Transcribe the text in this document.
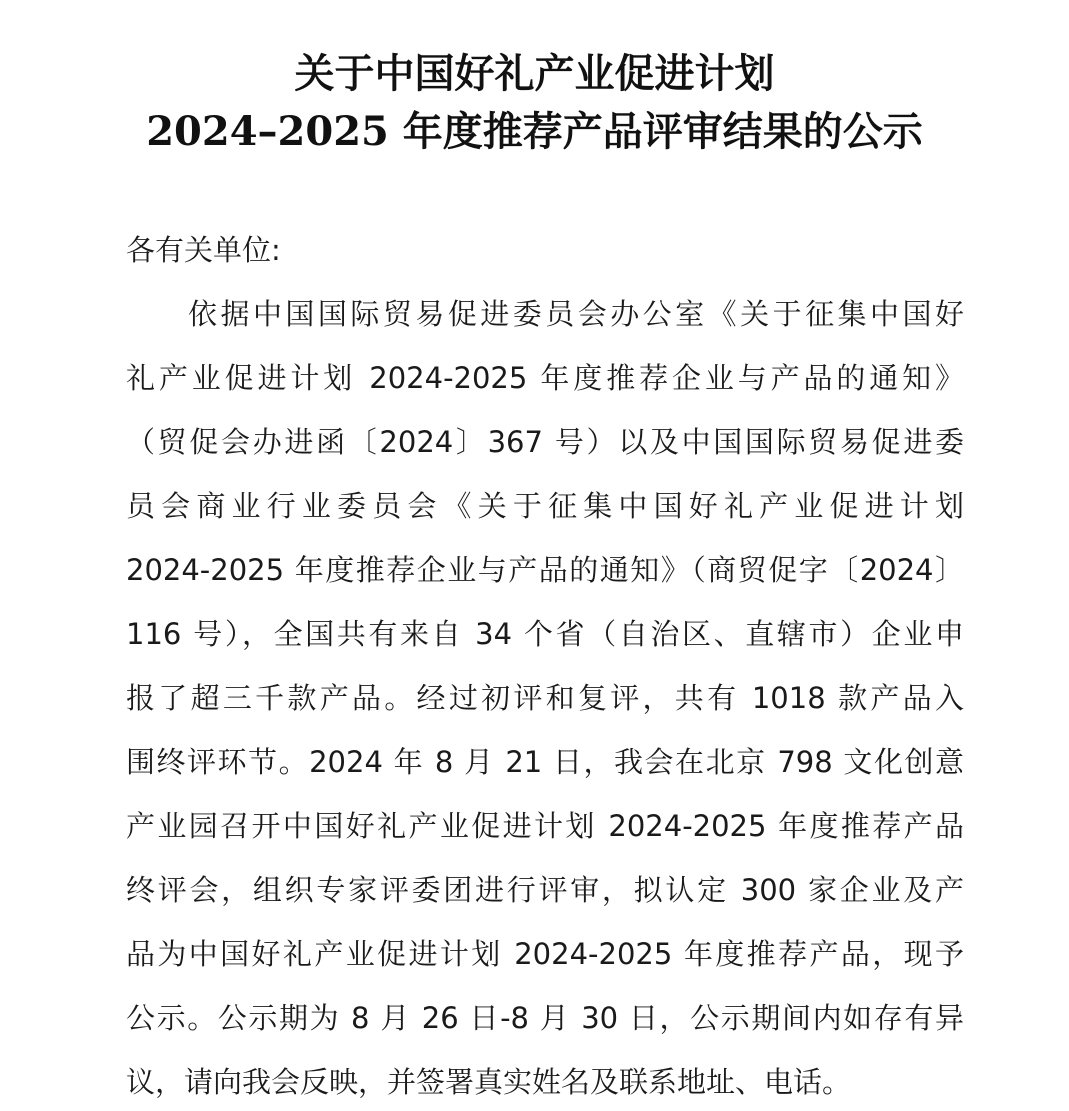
关于中国好礼产业促进计划
2024–2025 年度推荐产品评审结果的公示
各有关单位:
依据中国国际贸易促进委员会办公室《关于征集中国好
礼产业促进计划 2024-2025 年度推荐企业与产品的通知》
（贸促会办进函〔2024〕367 号）以及中国国际贸易促进委
员会商业行业委员会《关于征集中国好礼产业促进计划
2024-2025 年度推荐企业与产品的通知》（商贸促字〔2024〕
116 号），全国共有来自 34 个省（自治区、直辖市）企业申
报了超三千款产品。经过初评和复评，共有 1018 款产品入
围终评环节。2024 年 8 月 21 日，我会在北京 798 文化创意
产业园召开中国好礼产业促进计划 2024-2025 年度推荐产品
终评会，组织专家评委团进行评审，拟认定 300 家企业及产
品为中国好礼产业促进计划 2024-2025 年度推荐产品，现予
公示。公示期为 8 月 26 日-8 月 30 日，公示期间内如存有异
议，请向我会反映，并签署真实姓名及联系地址、电话。
